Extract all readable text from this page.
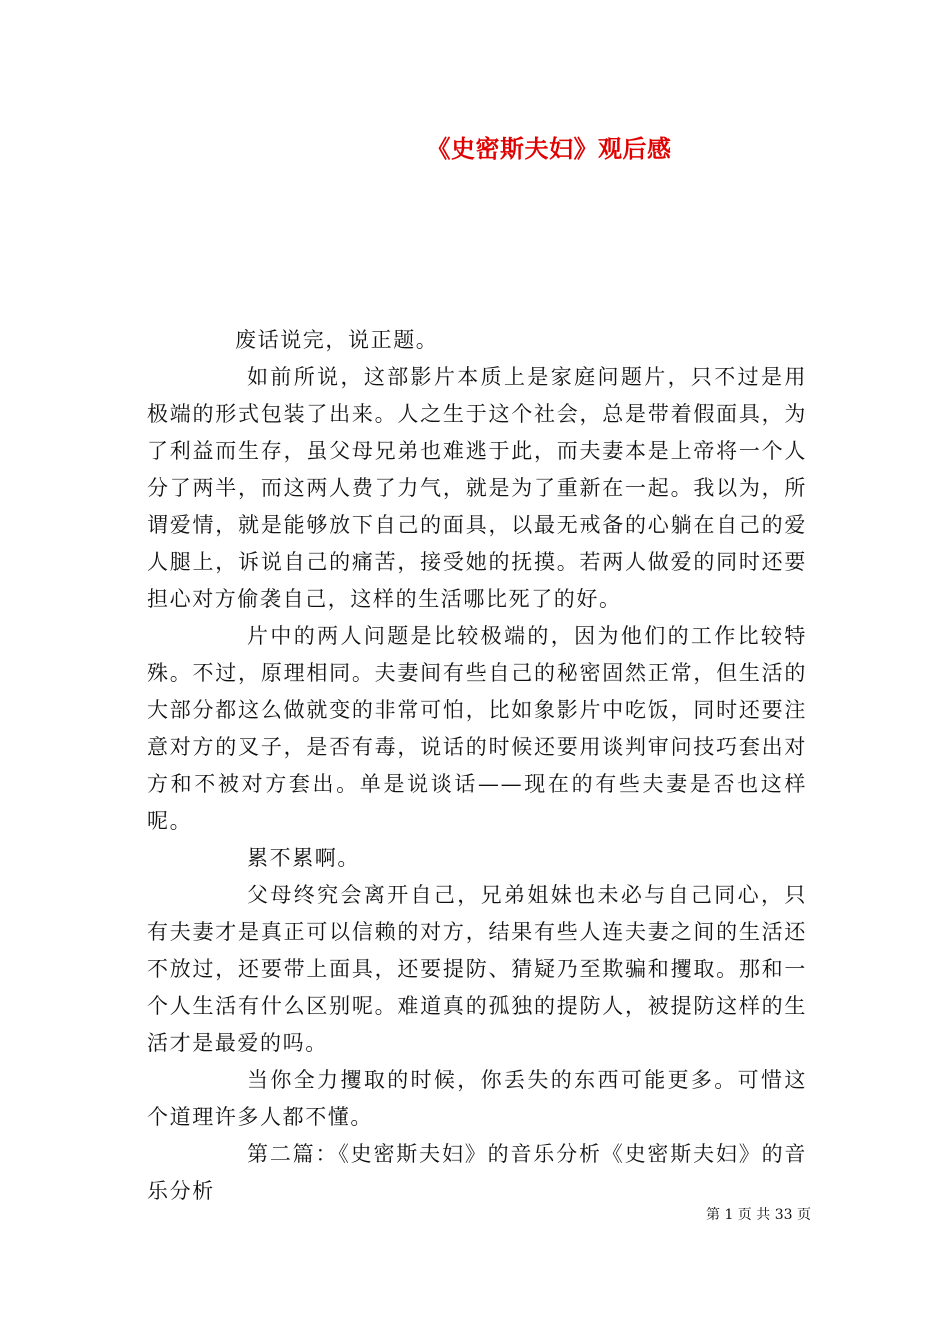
《史密斯夫妇》观后感

废话说完，说正题。

如前所说，这部影片本质上是家庭问题片，只不过是用极端的形式包装了出来。人之生于这个社会，总是带着假面具，为了利益而生存，虽父母兄弟也难逃于此，而夫妻本是上帝将一个人分了两半，而这两人费了力气，就是为了重新在一起。我以为，所谓爱情，就是能够放下自己的面具，以最无戒备的心躺在自己的爱人腿上，诉说自己的痛苦，接受她的抚摸。若两人做爱的同时还要担心对方偷袭自己，这样的生活哪比死了的好。

片中的两人问题是比较极端的，因为他们的工作比较特殊。不过，原理相同。夫妻间有些自己的秘密固然正常，但生活的大部分都这么做就变的非常可怕，比如象影片中吃饭，同时还要注意对方的叉子，是否有毒，说话的时候还要用谈判审问技巧套出对方和不被对方套出。单是说谈话——现在的有些夫妻是否也这样呢。

累不累啊。

父母终究会离开自己，兄弟姐妹也未必与自己同心，只有夫妻才是真正可以信赖的对方，结果有些人连夫妻之间的生活还不放过，还要带上面具，还要提防、猜疑乃至欺骗和攫取。那和一个人生活有什么区别呢。难道真的孤独的提防人，被提防这样的生活才是最爱的吗。

当你全力攫取的时候，你丢失的东西可能更多。可惜这个道理许多人都不懂。

第二篇：《史密斯夫妇》的音乐分析《史密斯夫妇》的音乐分析

第 1 页 共 33 页
